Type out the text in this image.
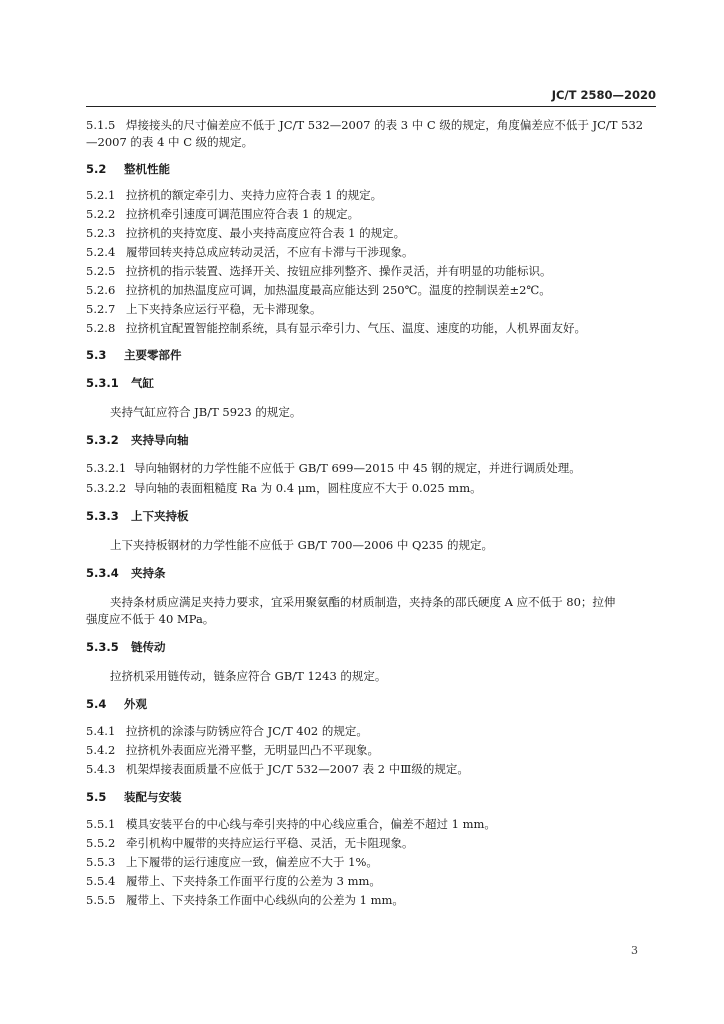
JC/T 2580—2020
5.1.5 焊接接头的尺寸偏差应不低于 JC/T 532—2007 的表 3 中 C 级的规定，角度偏差应不低于 JC/T 532
—2007 的表 4 中 C 级的规定。
5.2 整机性能
5.2.1 拉挤机的额定牵引力、夹持力应符合表 1 的规定。
5.2.2 拉挤机牵引速度可调范围应符合表 1 的规定。
5.2.3 拉挤机的夹持宽度、最小夹持高度应符合表 1 的规定。
5.2.4 履带回转夹持总成应转动灵活，不应有卡滞与干涉现象。
5.2.5 拉挤机的指示装置、选择开关、按钮应排列整齐、操作灵活，并有明显的功能标识。
5.2.6 拉挤机的加热温度应可调，加热温度最高应能达到 250℃。温度的控制误差±2℃。
5.2.7 上下夹持条应运行平稳，无卡滞现象。
5.2.8 拉挤机宜配置智能控制系统，具有显示牵引力、气压、温度、速度的功能，人机界面友好。
5.3 主要零部件
5.3.1 气缸
夹持气缸应符合 JB/T 5923 的规定。
5.3.2 夹持导向轴
5.3.2.1 导向轴钢材的力学性能不应低于 GB/T 699—2015 中 45 钢的规定，并进行调质处理。
5.3.2.2 导向轴的表面粗糙度 Ra 为 0.4 μm，圆柱度应不大于 0.025 mm。
5.3.3 上下夹持板
上下夹持板钢材的力学性能不应低于 GB/T 700—2006 中 Q235 的规定。
5.3.4 夹持条
夹持条材质应满足夹持力要求，宜采用聚氨酯的材质制造，夹持条的邵氏硬度 A 应不低于 80；拉伸
强度应不低于 40 MPa。
5.3.5 链传动
拉挤机采用链传动，链条应符合 GB/T 1243 的规定。
5.4 外观
5.4.1 拉挤机的涂漆与防锈应符合 JC/T 402 的规定。
5.4.2 拉挤机外表面应光滑平整，无明显凹凸不平现象。
5.4.3 机架焊接表面质量不应低于 JC/T 532—2007 表 2 中Ⅲ级的规定。
5.5 装配与安装
5.5.1 模具安装平台的中心线与牵引夹持的中心线应重合，偏差不超过 1 mm。
5.5.2 牵引机构中履带的夹持应运行平稳、灵活，无卡阻现象。
5.5.3 上下履带的运行速度应一致，偏差应不大于 1%。
5.5.4 履带上、下夹持条工作面平行度的公差为 3 mm。
5.5.5 履带上、下夹持条工作面中心线纵向的公差为 1 mm。
3
